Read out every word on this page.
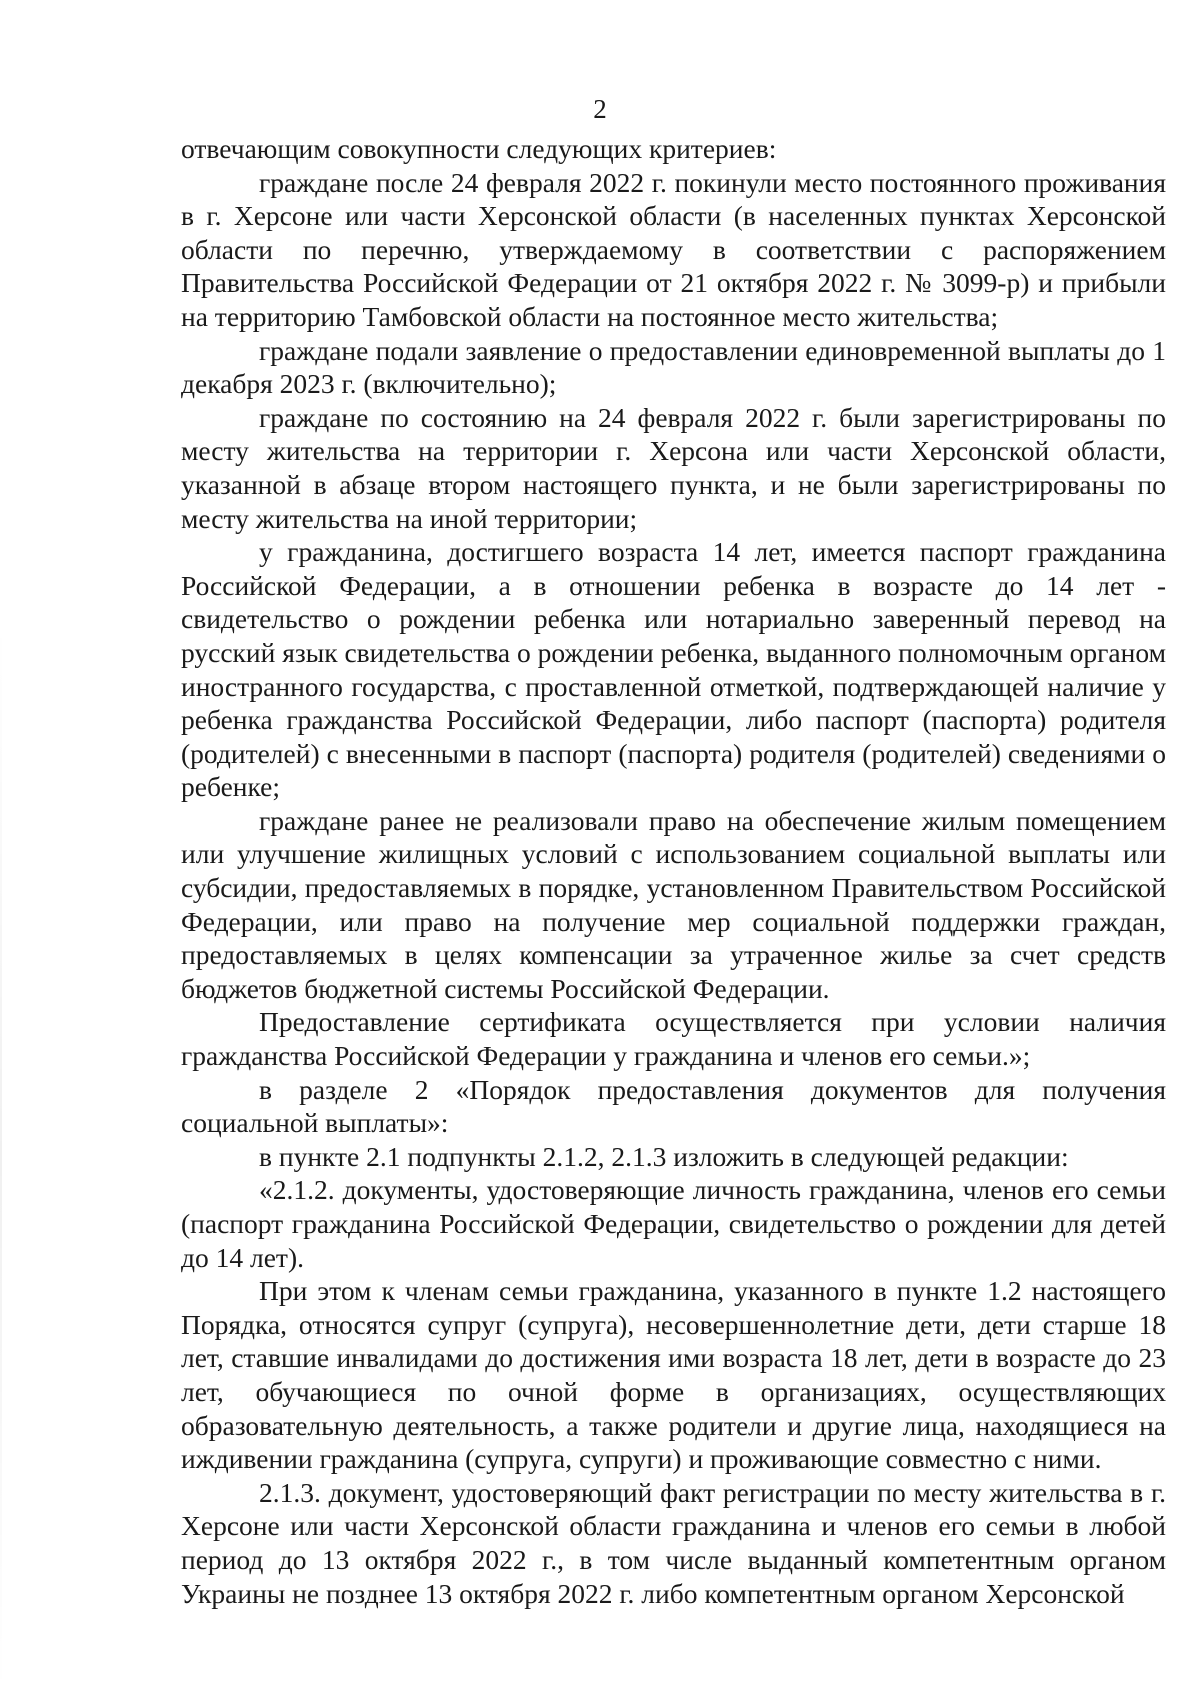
2

отвечающим совокупности следующих критериев:

граждане после 24 февраля 2022 г. покинули место постоянного проживания в г. Херсоне или части Херсонской области (в населенных пунктах Херсонской области по перечню, утверждаемому в соответствии с распоряжением Правительства Российской Федерации от 21 октября 2022 г. № 3099-р) и прибыли на территорию Тамбовской области на постоянное место жительства;

граждане подали заявление о предоставлении единовременной выплаты до 1 декабря 2023 г. (включительно);

граждане по состоянию на 24 февраля 2022 г. были зарегистрированы по месту жительства на территории г. Херсона или части Херсонской области, указанной в абзаце втором настоящего пункта, и не были зарегистрированы по месту жительства на иной территории;

у гражданина, достигшего возраста 14 лет, имеется паспорт гражданина Российской Федерации, а в отношении ребенка в возрасте до 14 лет - свидетельство о рождении ребенка или нотариально заверенный перевод на русский язык свидетельства о рождении ребенка, выданного полномочным органом иностранного государства, с проставленной отметкой, подтверждающей наличие у ребенка гражданства Российской Федерации, либо паспорт (паспорта) родителя (родителей) с внесенными в паспорт (паспорта) родителя (родителей) сведениями о ребенке;

граждане ранее не реализовали право на обеспечение жилым помещением или улучшение жилищных условий с использованием социальной выплаты или субсидии, предоставляемых в порядке, установленном Правительством Российской Федерации, или право на получение мер социальной поддержки граждан, предоставляемых в целях компенсации за утраченное жилье за счет средств бюджетов бюджетной системы Российской Федерации.

Предоставление сертификата осуществляется при условии наличия гражданства Российской Федерации у гражданина и членов его семьи.»;

в разделе 2 «Порядок предоставления документов для получения социальной выплаты»:

в пункте 2.1 подпункты 2.1.2, 2.1.3 изложить в следующей редакции:

«2.1.2. документы, удостоверяющие личность гражданина, членов его семьи (паспорт гражданина Российской Федерации, свидетельство о рождении для детей до 14 лет).

При этом к членам семьи гражданина, указанного в пункте 1.2 настоящего Порядка, относятся супруг (супруга), несовершеннолетние дети, дети старше 18 лет, ставшие инвалидами до достижения ими возраста 18 лет, дети в возрасте до 23 лет, обучающиеся по очной форме в организациях, осуществляющих образовательную деятельность, а также родители и другие лица, находящиеся на иждивении гражданина (супруга, супруги) и проживающие совместно с ними.

2.1.3. документ, удостоверяющий факт регистрации по месту жительства в г. Херсоне или части Херсонской области гражданина и членов его семьи в любой период до 13 октября 2022 г., в том числе выданный компетентным органом Украины не позднее 13 октября 2022 г. либо компетентным органом Херсонской
